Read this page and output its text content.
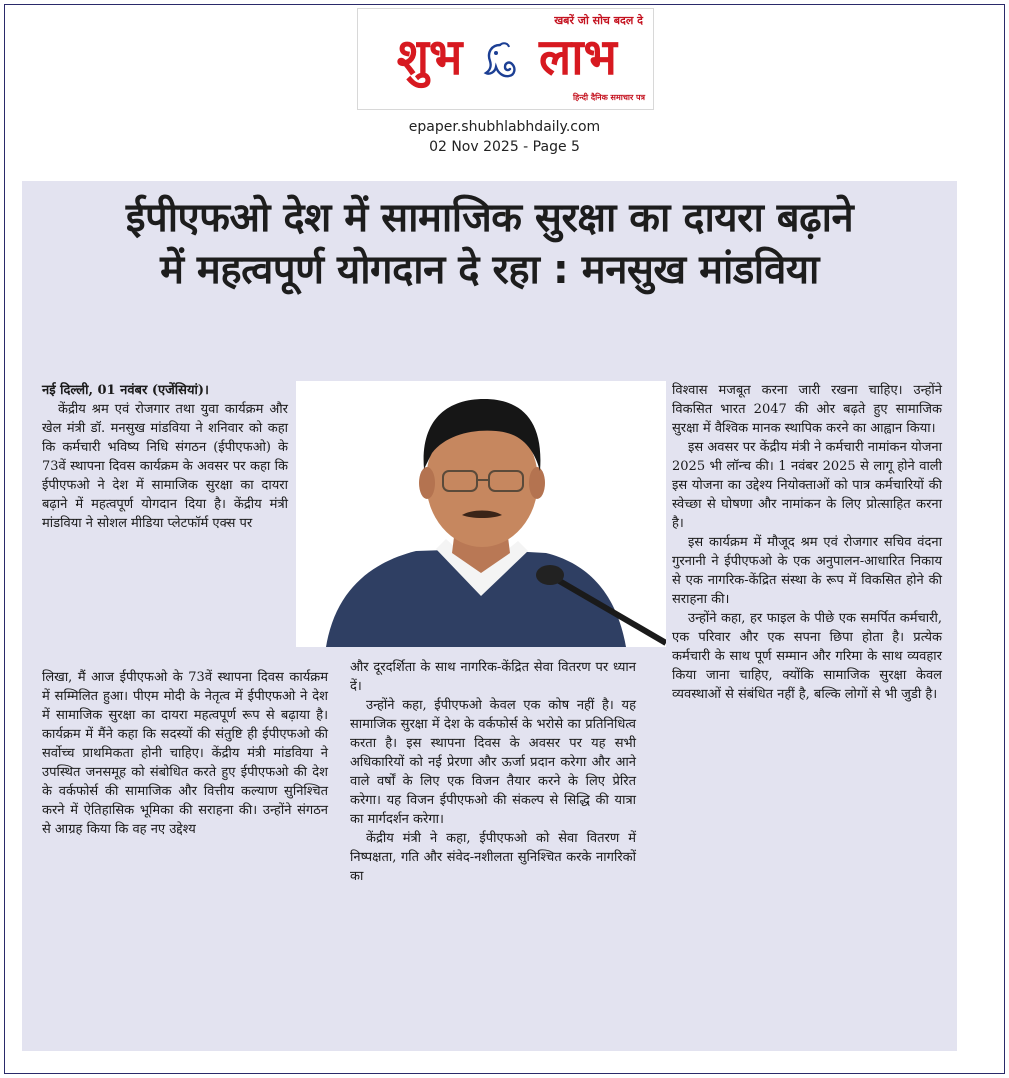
खबरें जो सोच बदल दे
शुभ लाभ
हिन्दी दैनिक समाचार पत्र
epaper.shubhlabhdaily.com
02 Nov 2025 - Page 5
ईपीएफओ देश में सामाजिक सुरक्षा का दायरा बढ़ाने
में महत्वपूर्ण योगदान दे रहा : मनसुख मांडविया

नई दिल्ली, 01 नवंबर (एजेंसियां)।

केंद्रीय श्रम एवं रोजगार तथा युवा कार्यक्रम और खेल मंत्री डॉ. मनसुख मांडविया ने शनिवार को कहा कि कर्मचारी भविष्य निधि संगठन (ईपीएफओ) के 73वें स्थापना दिवस कार्यक्रम के अवसर पर कहा कि ईपीएफओ ने देश में सामाजिक सुरक्षा का दायरा बढ़ाने में महत्वपूर्ण योगदान दिया है। केंद्रीय मंत्री मांडविया ने सोशल मीडिया प्लेटफॉर्म एक्स पर

लिखा, मैं आज ईपीएफओ के 73वें स्थापना दिवस कार्यक्रम में सम्मिलित हुआ। पीएम मोदी के नेतृत्व में ईपीएफओ ने देश में सामाजिक सुरक्षा का दायरा महत्वपूर्ण रूप से बढ़ाया है। कार्यक्रम में मैंने कहा कि सदस्यों की संतुष्टि ही ईपीएफओ की सर्वोच्च प्राथमिकता होनी चाहिए। केंद्रीय मंत्री मांडविया ने उपस्थित जनसमूह को संबोधित करते हुए ईपीएफओ की देश के वर्कफोर्स की सामाजिक और वित्तीय कल्याण सुनिश्चित करने में ऐतिहासिक भूमिका की सराहना की। उन्होंने संगठन से आग्रह किया कि वह नए उद्देश्य

और दूरदर्शिता के साथ नागरिक-केंद्रित सेवा वितरण पर ध्यान दें।

उन्होंने कहा, ईपीएफओ केवल एक कोष नहीं है। यह सामाजिक सुरक्षा में देश के वर्कफोर्स के भरोसे का प्रतिनिधित्व करता है। इस स्थापना दिवस के अवसर पर यह सभी अधिकारियों को नई प्रेरणा और ऊर्जा प्रदान करेगा और आने वाले वर्षों के लिए एक विजन तैयार करने के लिए प्रेरित करेगा। यह विजन ईपीएफओ की संकल्प से सिद्धि की यात्रा का मार्गदर्शन करेगा।

केंद्रीय मंत्री ने कहा, ईपीएफओ को सेवा वितरण में निष्पक्षता, गति और संवेद-नशीलता सुनिश्चित करके नागरिकों का

विश्वास मजबूत करना जारी रखना चाहिए। उन्होंने विकसित भारत 2047 की ओर बढ़ते हुए सामाजिक सुरक्षा में वैश्विक मानक स्थापिक करने का आह्वान किया।

इस अवसर पर केंद्रीय मंत्री ने कर्मचारी नामांकन योजना 2025 भी लॉन्च की। 1 नवंबर 2025 से लागू होने वाली इस योजना का उद्देश्य नियोक्ताओं को पात्र कर्मचारियों की स्वेच्छा से घोषणा और नामांकन के लिए प्रोत्साहित करना है।

इस कार्यक्रम में मौजूद श्रम एवं रोजगार सचिव वंदना गुरनानी ने ईपीएफओ के एक अनुपालन-आधारित निकाय से एक नागरिक-केंद्रित संस्था के रूप में विकसित होने की सराहना की।

उन्होंने कहा, हर फाइल के पीछे एक समर्पित कर्मचारी, एक परिवार और एक सपना छिपा होता है। प्रत्येक कर्मचारी के साथ पूर्ण सम्मान और गरिमा के साथ व्यवहार किया जाना चाहिए, क्योंकि सामाजिक सुरक्षा केवल व्यवस्थाओं से संबंधित नहीं है, बल्कि लोगों से भी जुडी है।
